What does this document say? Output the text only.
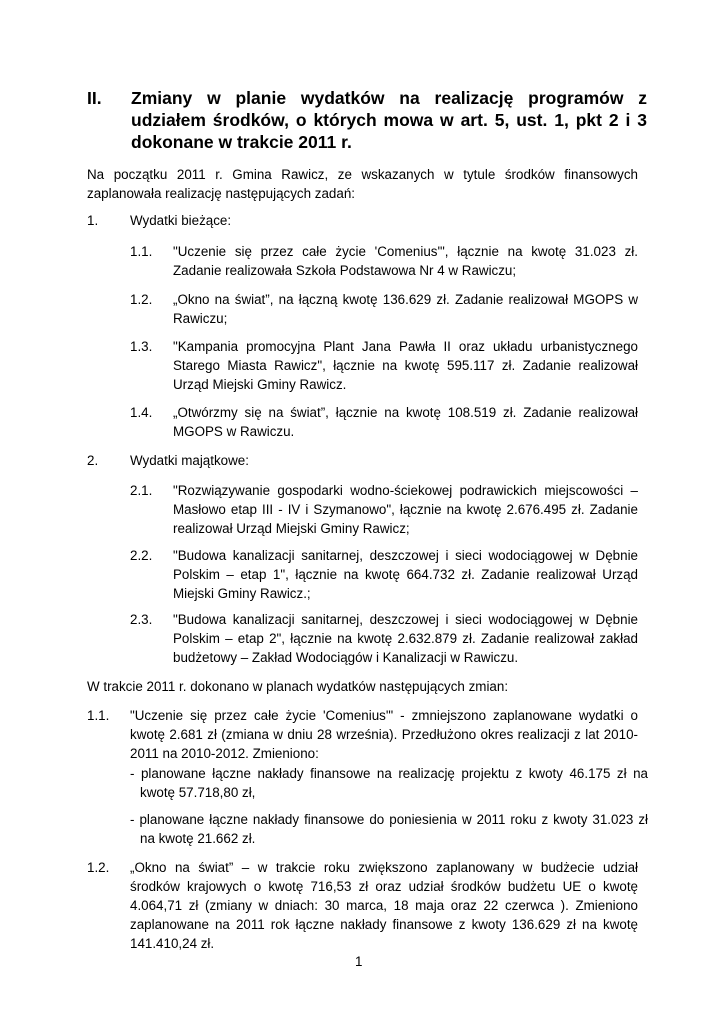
II. Zmiany w planie wydatków na realizację programów z udziałem środków, o których mowa w art. 5, ust. 1, pkt 2 i 3 dokonane w trakcie 2011 r.
Na początku 2011 r. Gmina Rawicz, ze wskazanych w tytule środków finansowych zaplanowała realizację następujących zadań:
1. Wydatki bieżące:
1.1. "Uczenie się przez całe życie 'Comenius'", łącznie na kwotę 31.023 zł. Zadanie realizowała Szkoła Podstawowa Nr 4 w Rawiczu;
1.2. „Okno na świat”, na łączną kwotę 136.629 zł. Zadanie realizował MGOPS w Rawiczu;
1.3. "Kampania promocyjna Plant Jana Pawła II oraz układu urbanistycznego Starego Miasta Rawicz", łącznie na kwotę 595.117 zł. Zadanie realizował Urząd Miejski Gminy Rawicz.
1.4. „Otwórzmy się na świat”, łącznie na kwotę 108.519 zł. Zadanie realizował MGOPS w Rawiczu.
2. Wydatki majątkowe:
2.1. "Rozwiązywanie gospodarki wodno-ściekowej podrawickich miejscowości – Masłowo etap III - IV i Szymanowo", łącznie na kwotę 2.676.495 zł. Zadanie realizował Urząd Miejski Gminy Rawicz;
2.2. "Budowa kanalizacji sanitarnej, deszczowej i sieci wodociągowej w Dębnie Polskim – etap 1", łącznie na kwotę 664.732 zł. Zadanie realizował Urząd Miejski Gminy Rawicz.;
2.3. "Budowa kanalizacji sanitarnej, deszczowej i sieci wodociągowej w Dębnie Polskim – etap 2", łącznie na kwotę 2.632.879 zł. Zadanie realizował zakład budżetowy – Zakład Wodociągów i Kanalizacji w Rawiczu.
W trakcie 2011 r. dokonano w planach wydatków następujących zmian:
1.1. "Uczenie się przez całe życie 'Comenius'" - zmniejszono zaplanowane wydatki o kwotę 2.681 zł (zmiana w dniu 28 września). Przedłużono okres realizacji z lat 2010-2011 na 2010-2012. Zmieniono:
- planowane łączne nakłady finansowe na realizację projektu z kwoty 46.175 zł na kwotę 57.718,80 zł,
- planowane łączne nakłady finansowe do poniesienia w 2011 roku z kwoty 31.023 zł na kwotę 21.662 zł.
1.2. „Okno na świat” – w trakcie roku zwiększono zaplanowany w budżecie udział środków krajowych o kwotę 716,53 zł oraz udział środków budżetu UE o kwotę 4.064,71 zł (zmiany w dniach: 30 marca, 18 maja oraz 22 czerwca ). Zmieniono zaplanowane na 2011 rok łączne nakłady finansowe z kwoty 136.629 zł na kwotę 141.410,24 zł.
1
